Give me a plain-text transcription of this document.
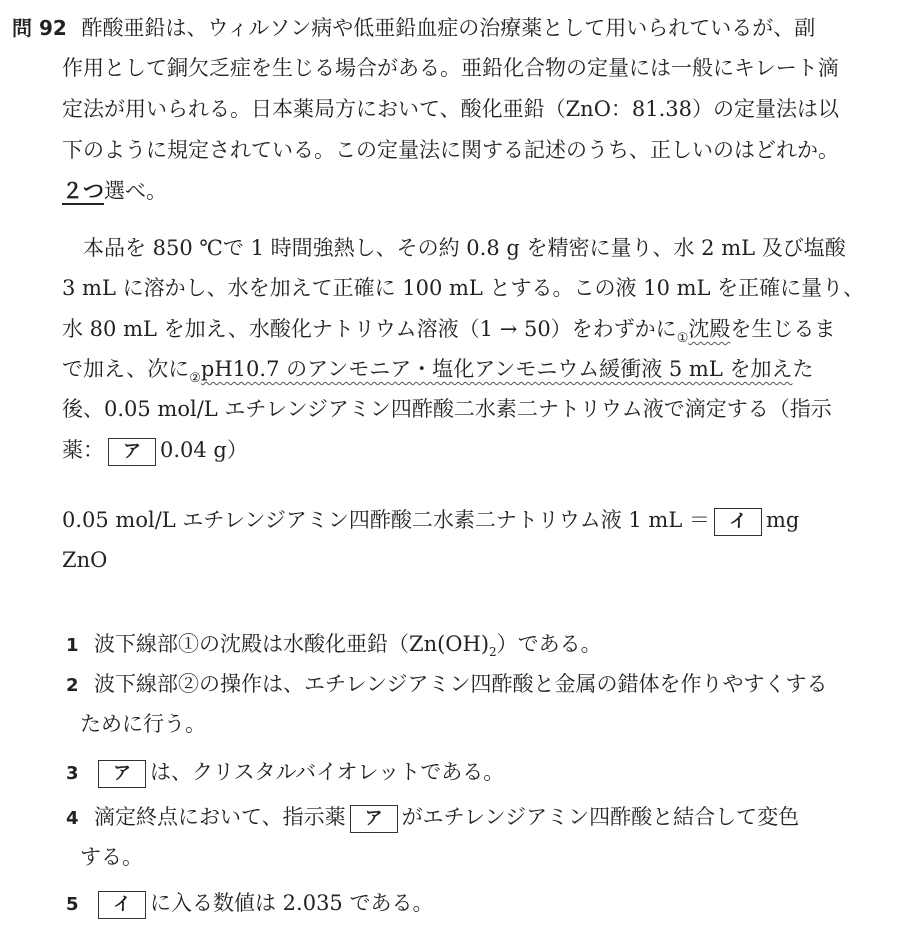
問 92 酢酸亜鉛は、ウィルソン病や低亜鉛血症の治療薬として用いられているが、副
作用として銅欠乏症を生じる場合がある。亜鉛化合物の定量には一般にキレート滴
定法が用いられる。日本薬局方において、酸化亜鉛（ZnO：81.38）の定量法は以
下のように規定されている。この定量法に関する記述のうち、正しいのはどれか。
２つ選べ。
本品を 850 ℃で 1 時間強熱し、その約 0.8 g を精密に量り、水 2 mL 及び塩酸
3 mL に溶かし、水を加えて正確に 100 mL とする。この液 10 mL を正確に量り、
水 80 mL を加え、水酸化ナトリウム溶液（1 → 50）をわずかに$_①$沈殿を生じるま
で加え、次に$_②$pH10.7 のアンモニア・塩化アンモニウム緩衝液 5 mL を加えた
後、0.05 mol/L エチレンジアミン四酢酸二水素二ナトリウム液で滴定する（指示
薬： ア 0.04 g）
0.05 mol/L エチレンジアミン四酢酸二水素二ナトリウム液 1 mL ＝ イ mg
ZnO
1 波下線部①の沈殿は水酸化亜鉛$(Zn(OH)_2)$である。
2 波下線部②の操作は、エチレンジアミン四酢酸と金属の錯体を作りやすくする
ために行う。
3 ア は、クリスタルバイオレットである。
4 滴定終点において、指示薬 ア がエチレンジアミン四酢酸と結合して変色
する。
5 イ に入る数値は 2.035 である。
